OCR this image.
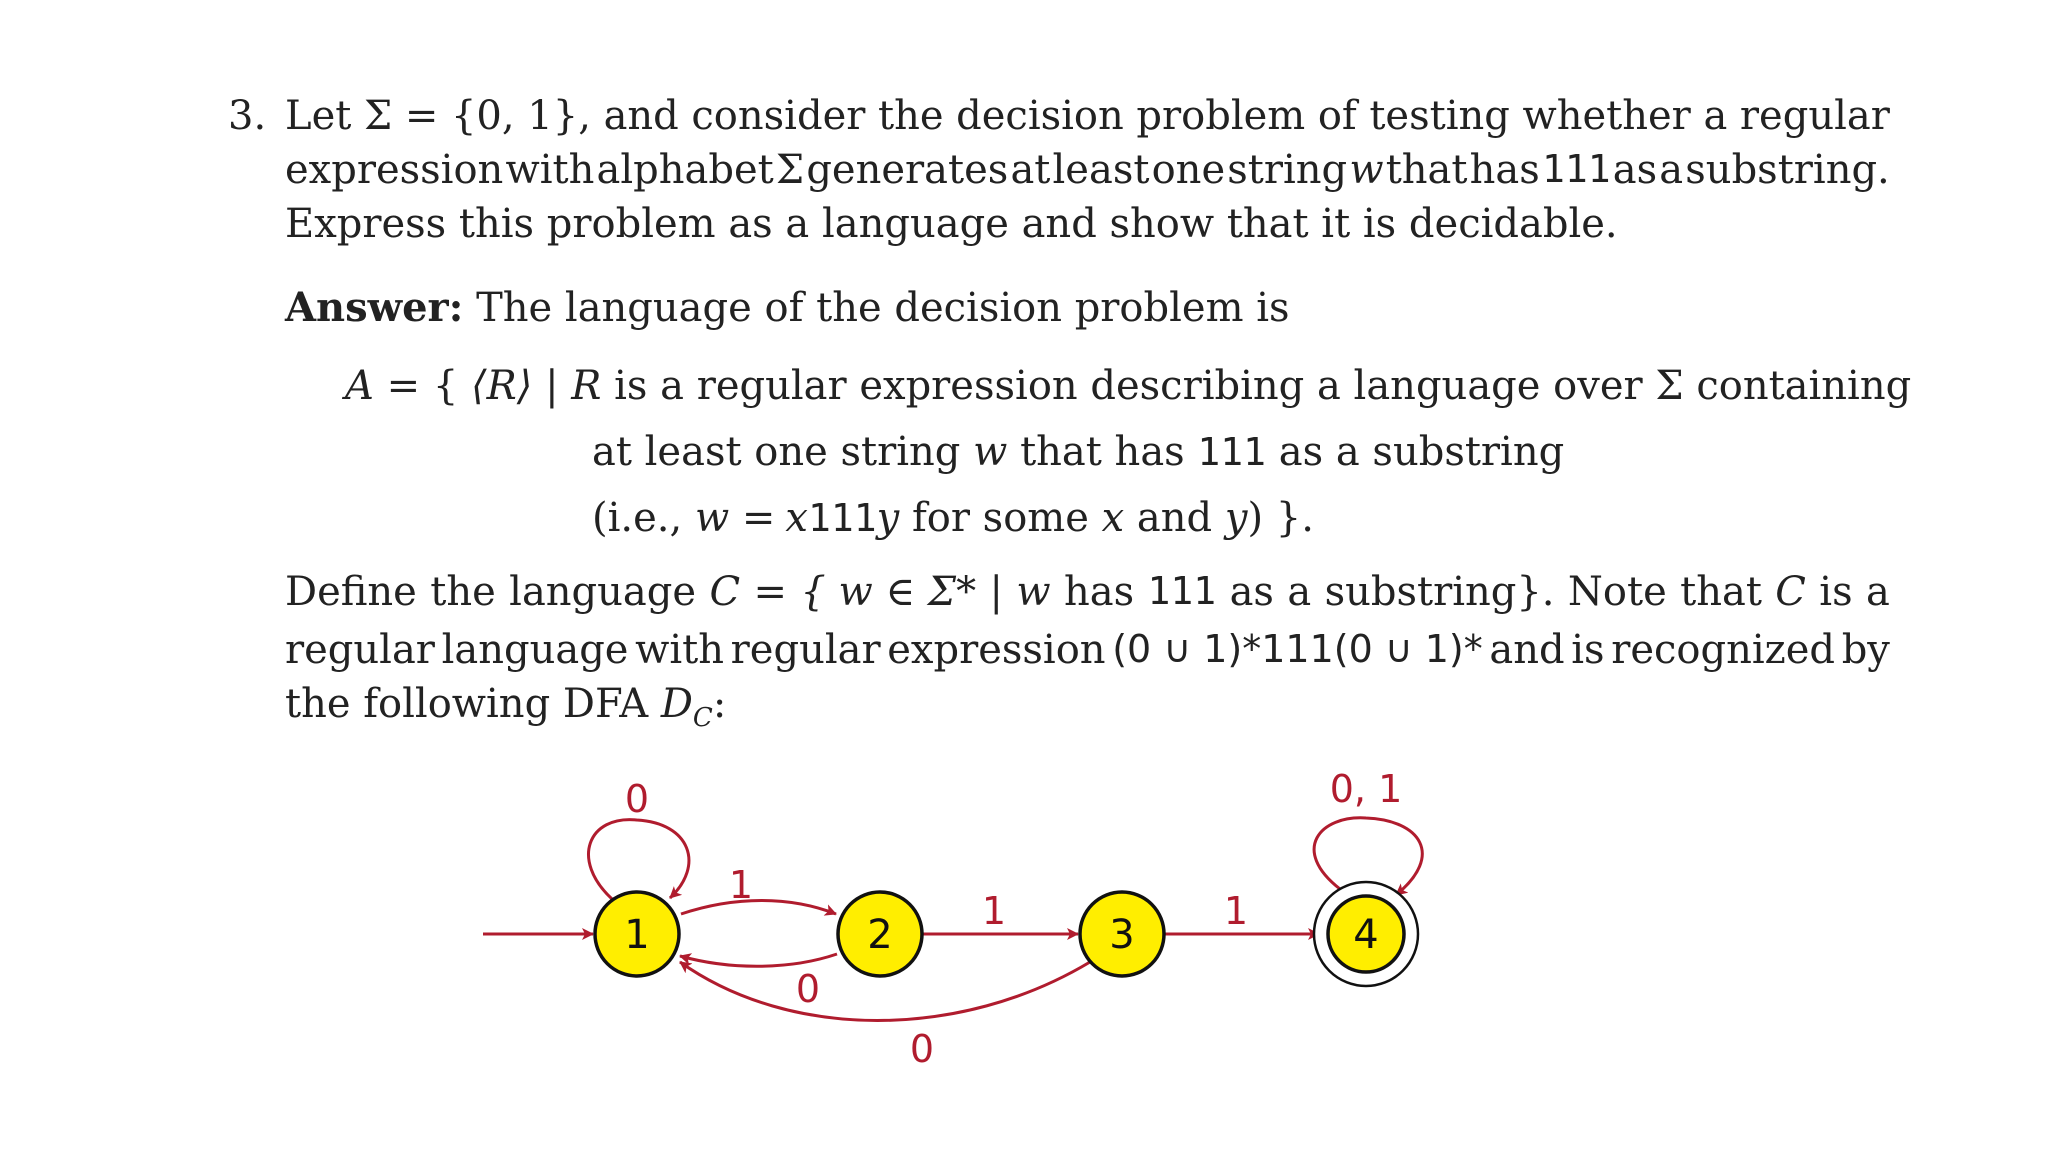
3. Let Σ = {0, 1}, and consider the decision problem of testing whether a regular
expression with alphabet Σ generates at least one string w that has 111 as a substring.
Express this problem as a language and show that it is decidable.
Answer: The language of the decision problem is
A = { ⟨R⟩ | R is a regular expression describing a language over Σ containing
at least one string w that has 111 as a substring
(i.e., w = x111y for some x and y) }.
Define the language C = { w ∈ Σ* | w has 111 as a substring}. Note that C is a
regular language with regular expression (0 ∪ 1)*111(0 ∪ 1)* and is recognized by
the following DFA $D_C$:
1	2	3	4
0
1
0
1
0
1
0, 1
